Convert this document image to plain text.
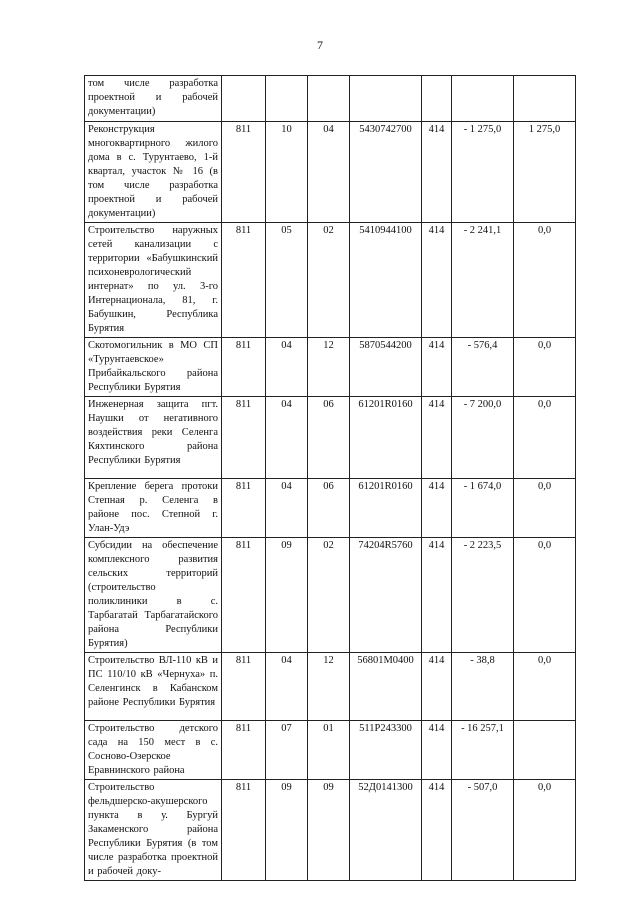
7
том числе разработка проектной и рабочей документации)							
Реконструкция многоквартирного жилого дома в с. Турунтаево, 1-й квартал, участок № 16 (в том числе разработка проектной и рабочей документации)	811	10	04	5430742700	414	- 1 275,0	1 275,0
Строительство наружных сетей канализации с территории «Бабушкинский психоневрологический интернат» по ул. 3-го Интернационала, 81, г. Бабушкин, Республика Бурятия	811	05	02	5410944100	414	- 2 241,1	0,0
Скотомогильник в МО СП «Турунтаевское» Прибайкальского района Республики Бурятия	811	04	12	5870544200	414	- 576,4	0,0
Инженерная защита пгт. Наушки от негативного воздействия реки Селенга Кяхтинского района Республики Бурятия	811	04	06	61201R0160	414	- 7 200,0	0,0
Крепление берега протоки Степная р. Селенга в районе пос. Степной г. Улан-Удэ	811	04	06	61201R0160	414	- 1 674,0	0,0
Субсидии на обеспечение комплексного развития сельских территорий (строительство поликлиники в с. Тарбагатай Тарбагатайского района Республики Бурятия)	811	09	02	74204R5760	414	- 2 223,5	0,0
Строительство ВЛ-110 кВ и ПС 110/10 кВ «Чернуха» п. Селенгинск в Кабанском районе Республики Бурятия	811	04	12	56801M0400	414	- 38,8	0,0
Строительство детского сада на 150 мест в с. Сосново-Озерское Еравнинского района	811	07	01	511P243300	414	- 16 257,1	
Строительство фельдшерско-акушерского пункта в у. Бургуй Закаменского района Республики Бурятия (в том числе разработка проектной и рабочей доку-	811	09	09	52Д0141300	414	- 507,0	0,0
